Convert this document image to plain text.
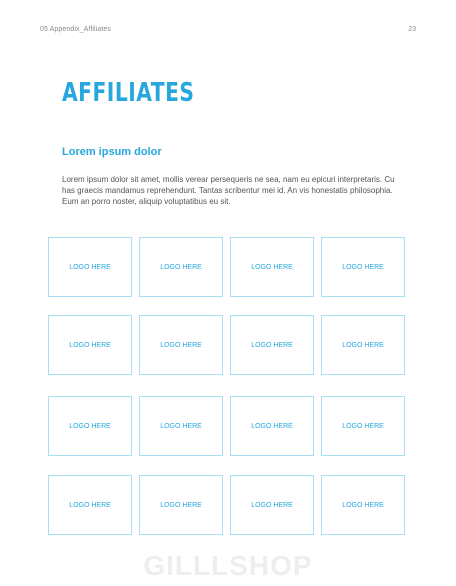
05 Appendix_Affiliates	23
AFFILIATES
Lorem ipsum dolor

Lorem ipsum dolor sit amet, mollis verear persequeris ne sea, nam eu epicuri interpretaris. Cu has graecis mandamus reprehendunt. Tantas scribentur mei id. An vis honestatis philosophia. Eum an porro noster, aliquip voluptatibus eu sit.

LOGO HERE	LOGO HERE	LOGO HERE	LOGO HERE
LOGO HERE	LOGO HERE	LOGO HERE	LOGO HERE
LOGO HERE	LOGO HERE	LOGO HERE	LOGO HERE
LOGO HERE	LOGO HERE	LOGO HERE	LOGO HERE
GILLLSHOP
